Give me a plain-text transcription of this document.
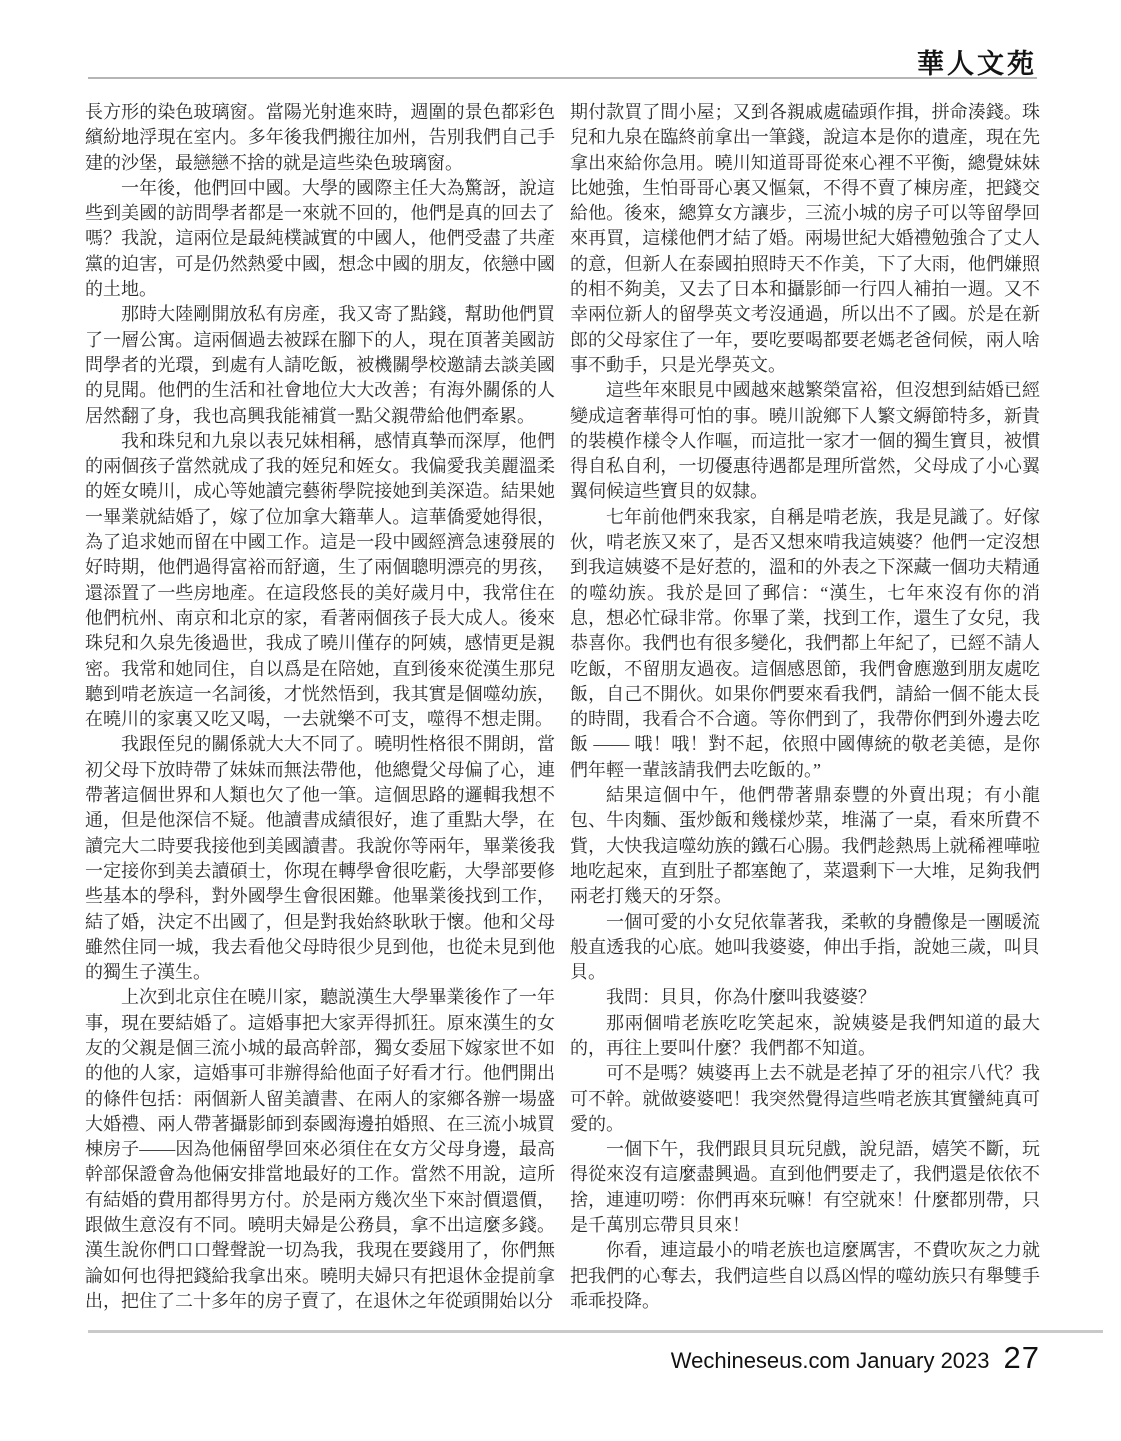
華人文苑

長方形的染色玻璃窗。當陽光射進來時，週圍的景色都彩色繽紛地浮現在室内。多年後我們搬往加州，告別我們自己手建的沙堡，最戀戀不捨的就是這些染色玻璃窗。

一年後，他們回中國。大學的國際主任大為驚訝，說這些到美國的訪問學者都是一來就不回的，他們是真的回去了嗎？我說，這兩位是最純樸誠實的中國人，他們受盡了共產黨的迫害，可是仍然熱愛中國，想念中國的朋友，依戀中國的土地。

那時大陸剛開放私有房產，我又寄了點錢，幫助他們買了一層公寓。這兩個過去被踩在腳下的人，現在頂著美國訪問學者的光環，到處有人請吃飯，被機關學校邀請去談美國的見聞。他們的生活和社會地位大大改善；有海外關係的人居然翻了身，我也高興我能補賞一點父親帶給他們牽累。

我和珠兒和九泉以表兄妹相稱，感情真摯而深厚，他們的兩個孩子當然就成了我的姪兒和姪女。我偏愛我美麗溫柔的姪女曉川，成心等她讀完藝術學院接她到美深造。結果她一畢業就結婚了，嫁了位加拿大籍華人。這華僑愛她得很，為了追求她而留在中國工作。這是一段中國經濟急速發展的好時期，他們過得富裕而舒適，生了兩個聰明漂亮的男孩，還添置了一些房地產。在這段悠長的美好歲月中，我常住在他們杭州、南京和北京的家，看著兩個孩子長大成人。後來珠兒和久泉先後過世，我成了曉川僅存的阿姨，感情更是親密。我常和她同住，自以爲是在陪她，直到後來從漢生那兒聽到啃老族這一名詞後，才恍然悟到，我其實是個噬幼族，在曉川的家裏又吃又喝，一去就樂不可支，噬得不想走開。

我跟侄兒的關係就大大不同了。曉明性格很不開朗，當初父母下放時帶了妹妹而無法帶他，他總覺父母偏了心，連帶著這個世界和人類也欠了他一筆。這個思路的邏輯我想不通，但是他深信不疑。他讀書成績很好，進了重點大學，在讀完大二時要我接他到美國讀書。我說你等兩年，畢業後我一定接你到美去讀碩士，你現在轉學會很吃虧，大學部要修些基本的學科，對外國學生會很困難。他畢業後找到工作，結了婚，決定不出國了，但是對我始終耿耿于懷。他和父母雖然住同一城，我去看他父母時很少見到他，也從未見到他的獨生子漢生。

上次到北京住在曉川家，聽説漢生大學畢業後作了一年事，現在要結婚了。這婚事把大家弄得抓狂。原來漢生的女友的父親是個三流小城的最高幹部，獨女委屈下嫁家世不如的他的人家，這婚事可非辦得給他面子好看才行。他們開出的條件包括：兩個新人留美讀書、在兩人的家鄉各辦一場盛大婚禮、兩人帶著攝影師到泰國海邊拍婚照、在三流小城買棟房子——因為他倆留學回來必須住在女方父母身邊，最高幹部保證會為他倆安排當地最好的工作。當然不用說，這所有結婚的費用都得男方付。於是兩方幾次坐下來討價還價，跟做生意沒有不同。曉明夫婦是公務員，拿不出這麼多錢。漢生說你們口口聲聲說一切為我，我現在要錢用了，你們無論如何也得把錢給我拿出來。曉明夫婦只有把退休金提前拿出，把住了二十多年的房子賣了，在退休之年從頭開始以分

期付款買了間小屋；又到各親戚處磕頭作揖，拼命湊錢。珠兒和九泉在臨終前拿出一筆錢，說這本是你的遺產，現在先拿出來給你急用。曉川知道哥哥從來心裡不平衡，總覺妹妹比她強，生怕哥哥心裏又慪氣，不得不賣了棟房產，把錢交給他。後來，總算女方讓步，三流小城的房子可以等留學回來再買，這樣他們才結了婚。兩場世紀大婚禮勉強合了丈人的意，但新人在泰國拍照時天不作美，下了大雨，他們嫌照的相不夠美，又去了日本和攝影師一行四人補拍一週。又不幸兩位新人的留學英文考沒通過，所以出不了國。於是在新郎的父母家住了一年，要吃要喝都要老媽老爸伺候，兩人啥事不動手，只是光學英文。

這些年來眼見中國越來越繁榮富裕，但沒想到結婚已經變成這奢華得可怕的事。曉川說鄉下人繁文縟節特多，新貴的裝模作樣令人作嘔，而這批一家才一個的獨生寶貝，被慣得自私自利，一切優惠待遇都是理所當然，父母成了小心翼翼伺候這些寶貝的奴隸。

七年前他們來我家，自稱是啃老族，我是見識了。好傢伙，啃老族又來了，是否又想來啃我這姨婆？他們一定沒想到我這姨婆不是好惹的，溫和的外表之下深藏一個功夫精通的噬幼族。我於是回了郵信：“漢生，七年來沒有你的消息，想必忙碌非常。你畢了業，找到工作，還生了女兒，我恭喜你。我們也有很多變化，我們都上年紀了，已經不請人吃飯，不留朋友過夜。這個感恩節，我們會應邀到朋友處吃飯，自己不開伙。如果你們要來看我們，請給一個不能太長的時間，我看合不合適。等你們到了，我帶你們到外邊去吃飯 —— 哦！哦！對不起，依照中國傳統的敬老美德，是你們年輕一輩該請我們去吃飯的。”

結果這個中午，他們帶著鼎泰豐的外賣出現；有小龍包、牛肉麵、蛋炒飯和幾樣炒菜，堆滿了一桌，看來所費不貲，大快我這噬幼族的鐵石心腸。我們趁熱馬上就稀裡嘩啦地吃起來，直到肚子都塞飽了，菜還剩下一大堆，足夠我們兩老打幾天的牙祭。

一個可愛的小女兒依靠著我，柔軟的身體像是一團暖流般直透我的心底。她叫我婆婆，伸出手指，說她三歲，叫貝貝。

我問：貝貝，你為什麼叫我婆婆？

那兩個啃老族吃吃笑起來，說姨婆是我們知道的最大的，再往上要叫什麼？我們都不知道。

可不是嗎？姨婆再上去不就是老掉了牙的祖宗八代？我可不幹。就做婆婆吧！我突然覺得這些啃老族其實蠻純真可愛的。

一個下午，我們跟貝貝玩兒戲，說兒語，嬉笑不斷，玩得從來沒有這麼盡興過。直到他們要走了，我們還是依依不捨，連連叨嘮：你們再來玩嘛！有空就來！什麼都別帶，只是千萬別忘帶貝貝來！

你看，連這最小的啃老族也這麼厲害，不費吹灰之力就把我們的心奪去，我們這些自以爲凶悍的噬幼族只有舉雙手乖乖投降。

Wechineseus.com January 2023 27
